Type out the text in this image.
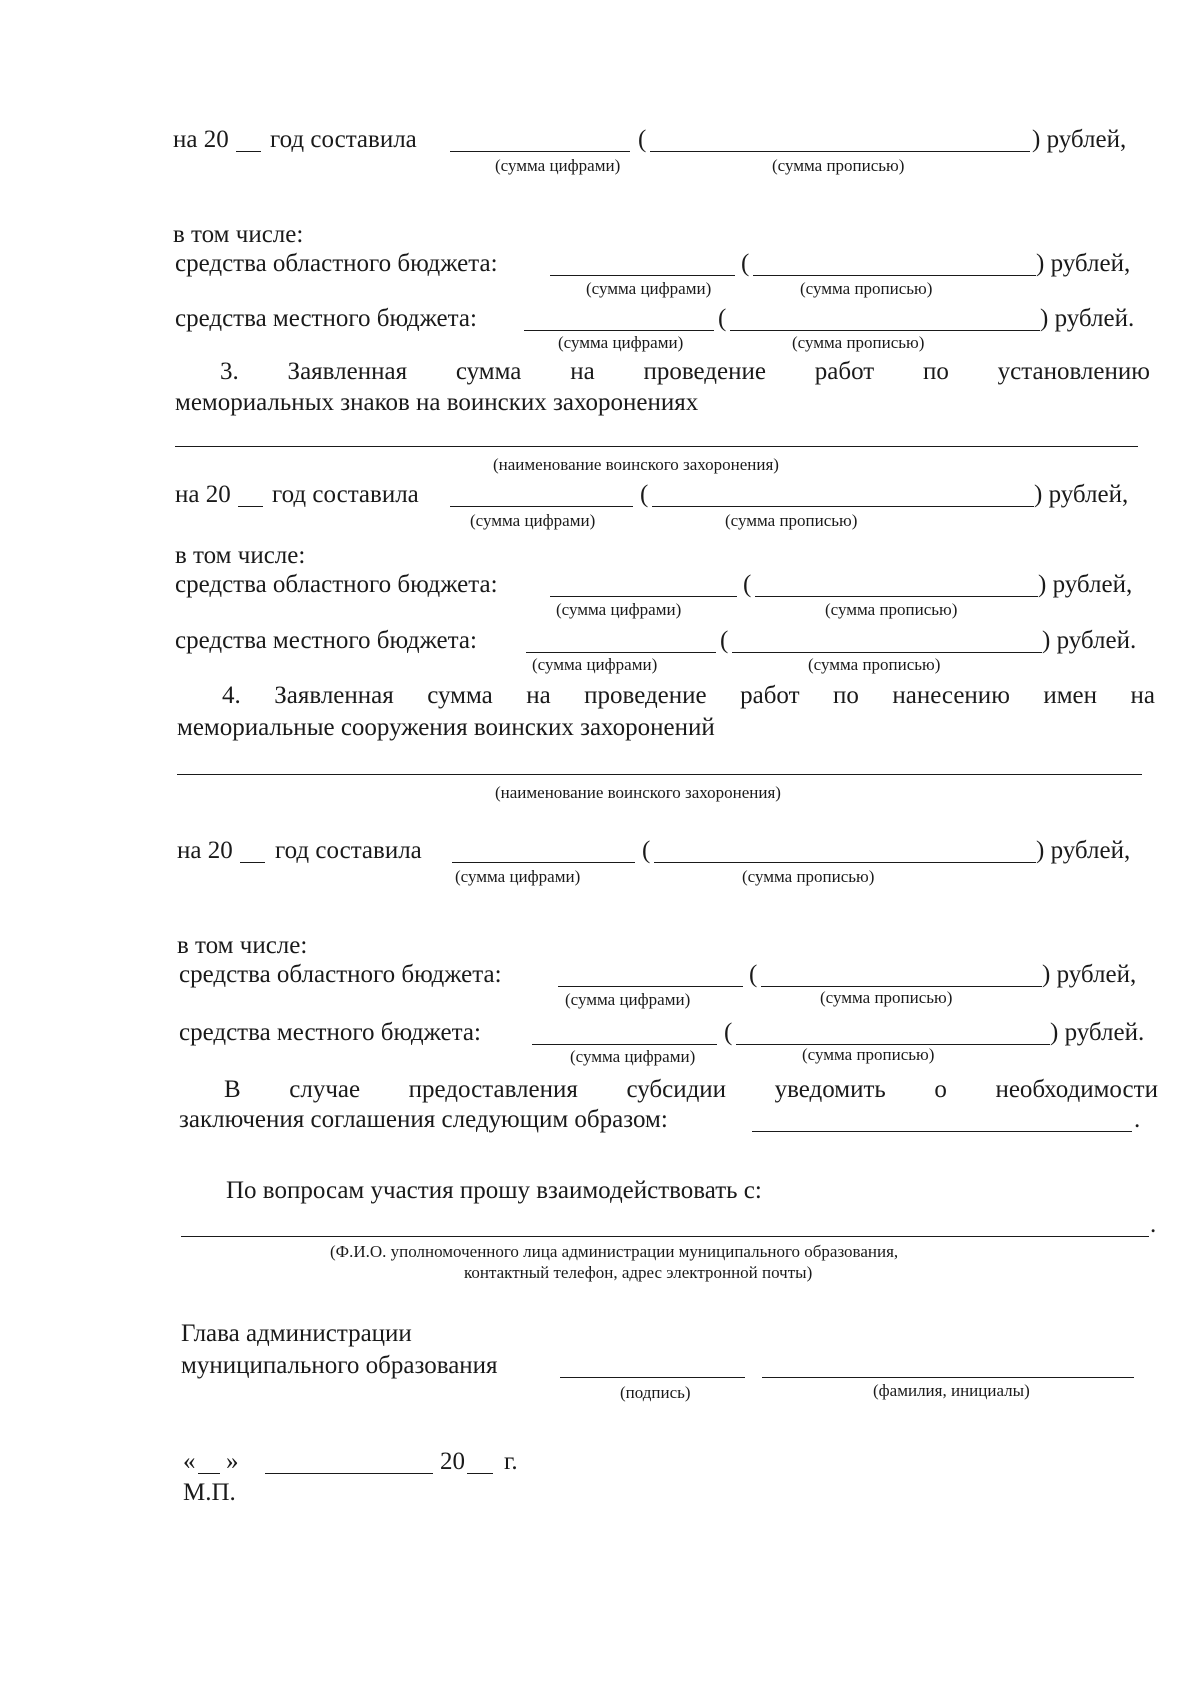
на 20 год составила	(	) рублей,
(сумма цифрами)	(сумма прописью)
в том числе:
средства областного бюджета:	(	) рублей,
(сумма цифрами)	(сумма прописью)
средства местного бюджета:	(	) рублей.
(сумма цифрами)	(сумма прописью)
3. Заявленная сумма на проведение работ по установлению
мемориальных знаков на воинских захоронениях
(наименование воинского захоронения)
на 20 год составила	(	) рублей,
(сумма цифрами)	(сумма прописью)
в том числе:
средства областного бюджета:	(	) рублей,
(сумма цифрами)	(сумма прописью)
средства местного бюджета:	(	) рублей.
(сумма цифрами)	(сумма прописью)
4. Заявленная сумма на проведение работ по нанесению имен на
мемориальные сооружения воинских захоронений
(наименование воинского захоронения)
на 20 год составила	(	) рублей,
(сумма цифрами)	(сумма прописью)
в том числе:
средства областного бюджета:	(	) рублей,
(сумма цифрами)	(сумма прописью)
средства местного бюджета:	(	) рублей.
(сумма цифрами)	(сумма прописью)
В случае предоставления субсидии уведомить о необходимости
заключения соглашения следующим образом:	.
По вопросам участия прошу взаимодействовать с:
.
(Ф.И.О. уполномоченного лица администрации муниципального образования,
контактный телефон, адрес электронной почты)
Глава администрации
муниципального образования
(подпись)	(фамилия, инициалы)
« »	20 г.
М.П.
